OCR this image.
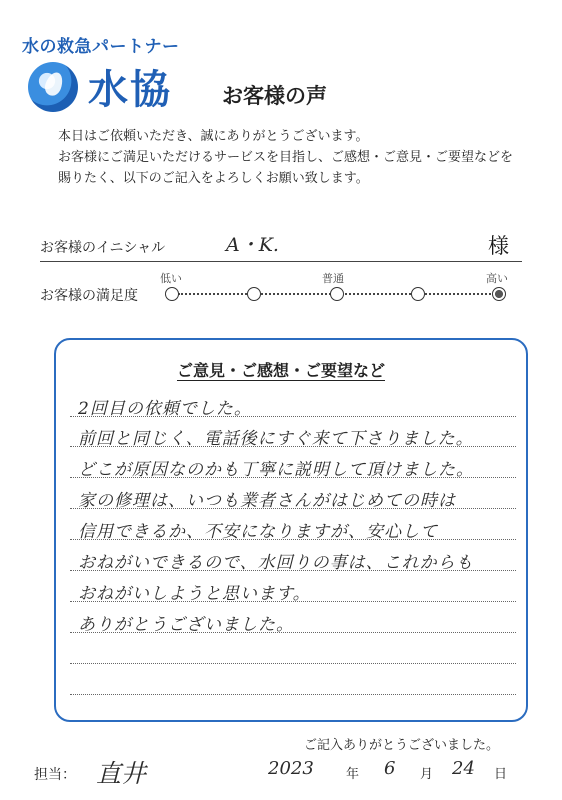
水の救急パートナー
水協 お客様の声
本日はご依頼いただき、誠にありがとうございます。
お客様にご満足いただけるサービスを目指し、ご感想・ご意見・ご要望などを
賜りたく、以下のご記入をよろしくお願い致します。
お客様のイニシャル	A・K.	様
低い	普通	高い
お客様の満足度
ご意見・ご感想・ご要望など
2回目の依頼でした。
前回と同じく、電話後にすぐ来て下さりました。
どこが原因なのかも丁寧に説明して頂けました。
家の修理は、いつも業者さんがはじめての時は
信用できるか、不安になりますが、安心して
おねがいできるので、水回りの事は、これからも
おねがいしようと思います。
ありがとうございました。
ご記入ありがとうございました。
担当： 直井	2023 年 6 月 24 日
